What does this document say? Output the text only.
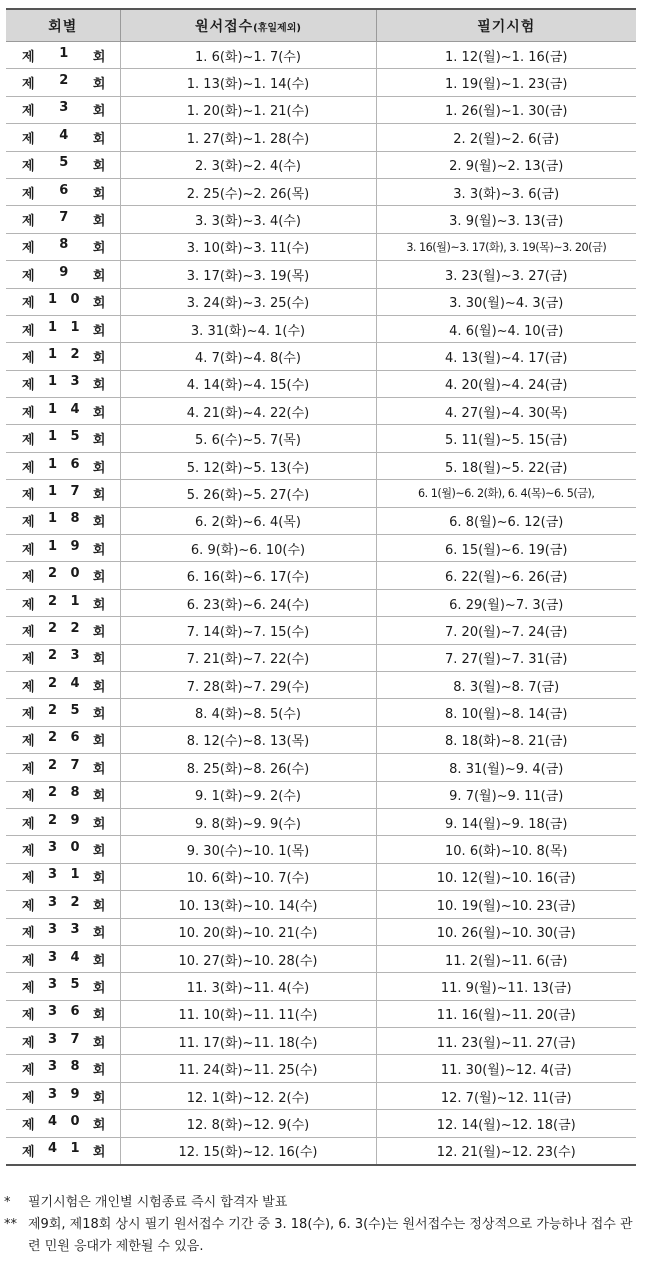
회별	원서접수(휴일제외)	필기시험

제 1 회	1. 6(화)~1. 7(수)	1. 12(월)~1. 16(금)

제 2 회	1. 13(화)~1. 14(수)	1. 19(월)~1. 23(금)

제 3 회	1. 20(화)~1. 21(수)	1. 26(월)~1. 30(금)

제 4 회	1. 27(화)~1. 28(수)	2. 2(월)~2. 6(금)

제 5 회	2. 3(화)~2. 4(수)	2. 9(월)~2. 13(금)

제 6 회	2. 25(수)~2. 26(목)	3. 3(화)~3. 6(금)

제 7 회	3. 3(화)~3. 4(수)	3. 9(월)~3. 13(금)

제 8 회	3. 10(화)~3. 11(수)	3. 16(월)~3. 17(화), 3. 19(목)~3. 20(금)

제 9 회	3. 17(화)~3. 19(목)	3. 23(월)~3. 27(금)

제 1 0 회	3. 24(화)~3. 25(수)	3. 30(월)~4. 3(금)

제 1 1 회	3. 31(화)~4. 1(수)	4. 6(월)~4. 10(금)

제 1 2 회	4. 7(화)~4. 8(수)	4. 13(월)~4. 17(금)

제 1 3 회	4. 14(화)~4. 15(수)	4. 20(월)~4. 24(금)

제 1 4 회	4. 21(화)~4. 22(수)	4. 27(월)~4. 30(목)

제 1 5 회	5. 6(수)~5. 7(목)	5. 11(월)~5. 15(금)

제 1 6 회	5. 12(화)~5. 13(수)	5. 18(월)~5. 22(금)

제 1 7 회	5. 26(화)~5. 27(수)	6. 1(월)~6. 2(화), 6. 4(목)~6. 5(금),

제 1 8 회	6. 2(화)~6. 4(목)	6. 8(월)~6. 12(금)

제 1 9 회	6. 9(화)~6. 10(수)	6. 15(월)~6. 19(금)

제 2 0 회	6. 16(화)~6. 17(수)	6. 22(월)~6. 26(금)

제 2 1 회	6. 23(화)~6. 24(수)	6. 29(월)~7. 3(금)

제 2 2 회	7. 14(화)~7. 15(수)	7. 20(월)~7. 24(금)

제 2 3 회	7. 21(화)~7. 22(수)	7. 27(월)~7. 31(금)

제 2 4 회	7. 28(화)~7. 29(수)	8. 3(월)~8. 7(금)

제 2 5 회	8. 4(화)~8. 5(수)	8. 10(월)~8. 14(금)

제 2 6 회	8. 12(수)~8. 13(목)	8. 18(화)~8. 21(금)

제 2 7 회	8. 25(화)~8. 26(수)	8. 31(월)~9. 4(금)

제 2 8 회	9. 1(화)~9. 2(수)	9. 7(월)~9. 11(금)

제 2 9 회	9. 8(화)~9. 9(수)	9. 14(월)~9. 18(금)

제 3 0 회	9. 30(수)~10. 1(목)	10. 6(화)~10. 8(목)

제 3 1 회	10. 6(화)~10. 7(수)	10. 12(월)~10. 16(금)

제 3 2 회	10. 13(화)~10. 14(수)	10. 19(월)~10. 23(금)

제 3 3 회	10. 20(화)~10. 21(수)	10. 26(월)~10. 30(금)

제 3 4 회	10. 27(화)~10. 28(수)	11. 2(월)~11. 6(금)

제 3 5 회	11. 3(화)~11. 4(수)	11. 9(월)~11. 13(금)

제 3 6 회	11. 10(화)~11. 11(수)	11. 16(월)~11. 20(금)

제 3 7 회	11. 17(화)~11. 18(수)	11. 23(월)~11. 27(금)

제 3 8 회	11. 24(화)~11. 25(수)	11. 30(월)~12. 4(금)

제 3 9 회	12. 1(화)~12. 2(수)	12. 7(월)~12. 11(금)

제 4 0 회	12. 8(화)~12. 9(수)	12. 14(월)~12. 18(금)

제 4 1 회	12. 15(화)~12. 16(수)	12. 21(월)~12. 23(수)
*	필기시험은 개인별 시험종료 즉시 합격자 발표
** 제9회, 제18회 상시 필기 원서접수 기간 중 3. 18(수), 6. 3(수)는 원서접수는 정상적으로 가능하나 접수 관련 민원 응대가 제한될 수 있음.
